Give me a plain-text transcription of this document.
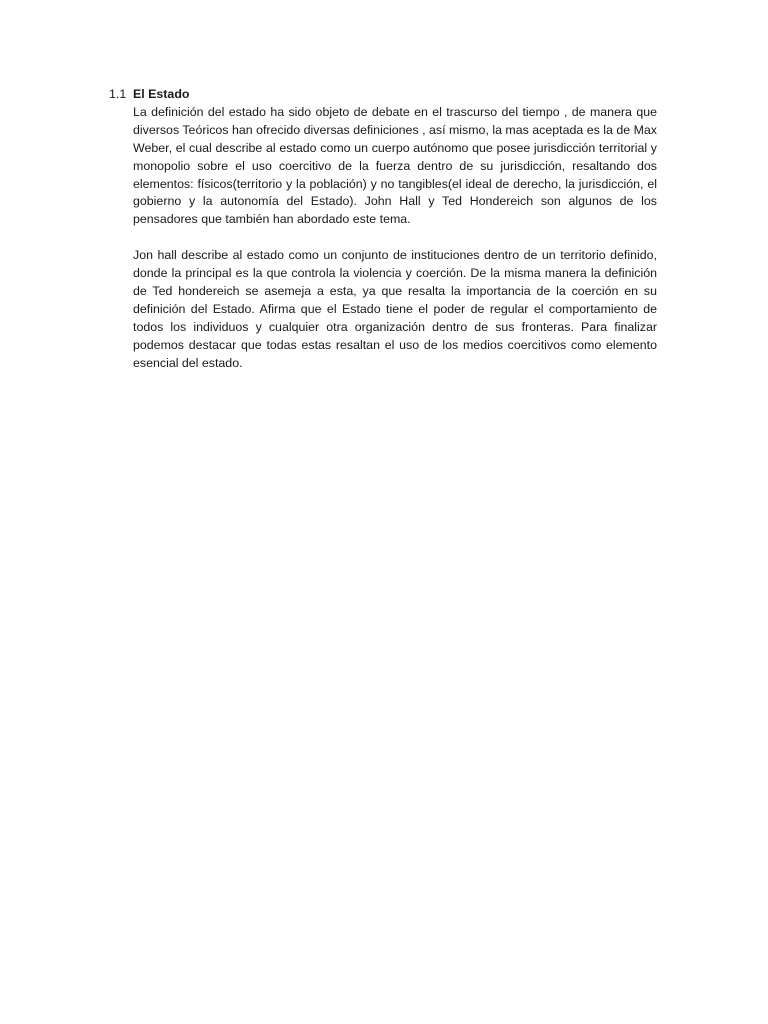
1.1 El Estado

La definición del estado ha sido objeto de debate en el trascurso del tiempo , de manera que diversos Teóricos han ofrecido diversas definiciones , así mismo, la mas aceptada es la de Max Weber, el cual describe al estado como un cuerpo autónomo que posee jurisdicción territorial y monopolio sobre el uso coercitivo de la fuerza dentro de su jurisdicción, resaltando dos elementos: físicos(territorio y la población) y no tangibles(el ideal de derecho, la jurisdicción, el gobierno y la autonomía del Estado). John Hall y Ted Hondereich son algunos de los pensadores que también han abordado este tema.

Jon hall describe al estado como un conjunto de instituciones dentro de un territorio definido, donde la principal es la que controla la violencia y coerción. De la misma manera la definición de Ted hondereich se asemeja a esta, ya que resalta la importancia de la coerción en su definición del Estado. Afirma que el Estado tiene el poder de regular el comportamiento de todos los individuos y cualquier otra organización dentro de sus fronteras. Para finalizar podemos destacar que todas estas resaltan el uso de los medios coercitivos como elemento esencial del estado.
